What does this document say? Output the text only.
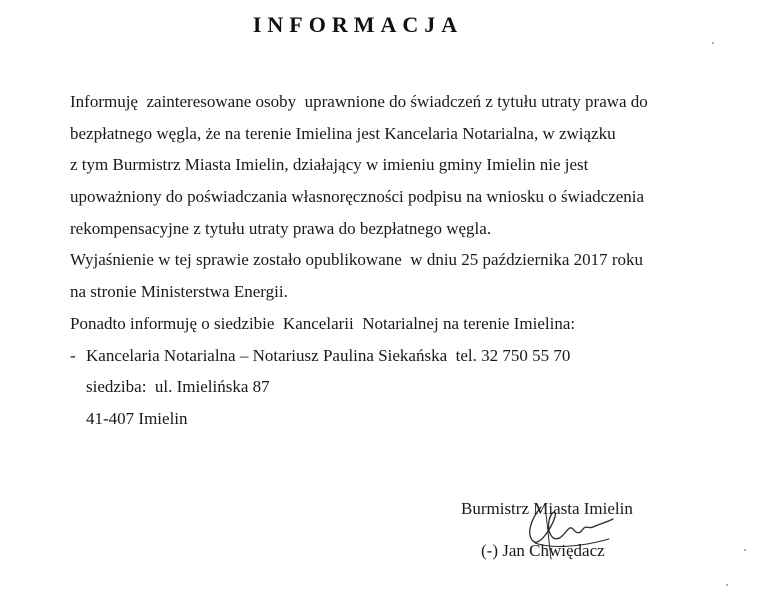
INFORMACJA
Informuję  zainteresowane osoby  uprawnione do świadczeń z tytułu utraty prawa do
bezpłatnego węgla, że na terenie Imielina jest Kancelaria Notarialna, w związku
z tym Burmistrz Miasta Imielin, działający w imieniu gminy Imielin nie jest
upoważniony do poświadczania własnoręczności podpisu na wniosku o świadczenia
rekompensacyjne z tytułu utraty prawa do bezpłatnego węgla.
Wyjaśnienie w tej sprawie zostało opublikowane  w dniu 25 października 2017 roku
na stronie Ministerstwa Energii.
Ponadto informuję o siedzibie  Kancelarii  Notarialnej na terenie Imielina:
- Kancelaria Notarialna – Notariusz Paulina Siekańska  tel. 32 750 55 70
siedziba:  ul. Imielińska 87
41-407 Imielin
Burmistrz Miasta Imielin
(-) Jan Chwiędacz
